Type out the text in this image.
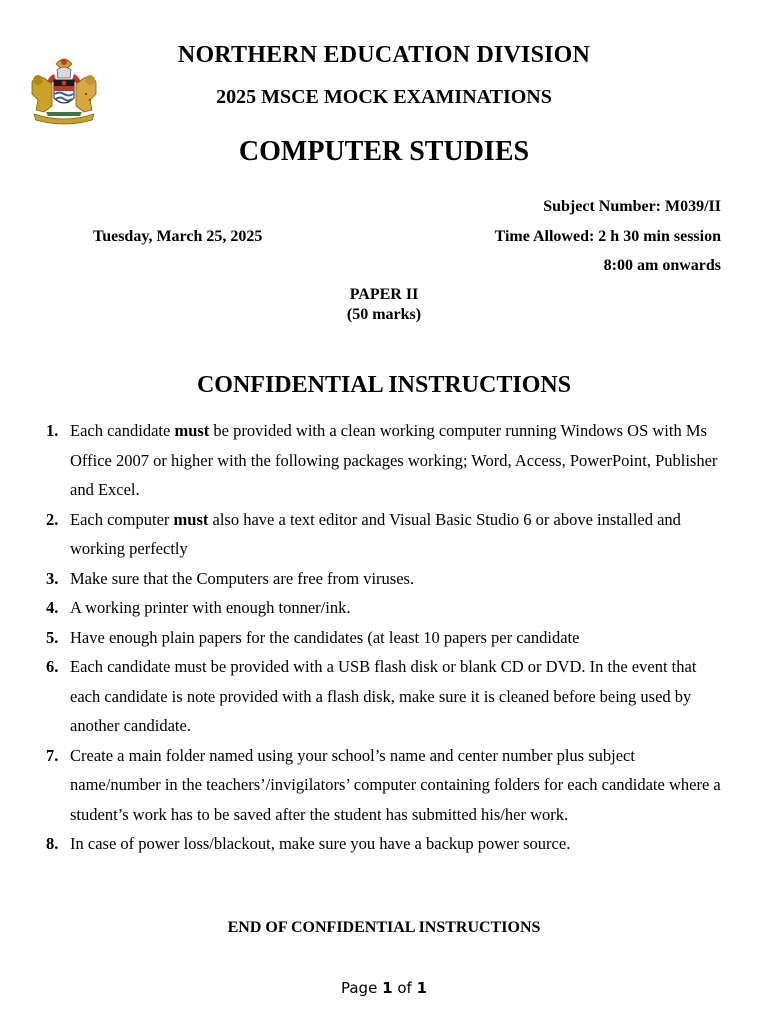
NORTHERN EDUCATION DIVISION
2025 MSCE MOCK EXAMINATIONS
COMPUTER STUDIES
Subject Number: M039/II
Tuesday, March 25, 2025	Time Allowed: 2 h 30 min session
8:00 am onwards
PAPER II
(50 marks)
CONFIDENTIAL INSTRUCTIONS
1. Each candidate must be provided with a clean working computer running Windows OS with Ms Office 2007 or higher with the following packages working; Word, Access, PowerPoint, Publisher and Excel.
2. Each computer must also have a text editor and Visual Basic Studio 6 or above installed and working perfectly
3. Make sure that the Computers are free from viruses.
4. A working printer with enough tonner/ink.
5. Have enough plain papers for the candidates (at least 10 papers per candidate
6. Each candidate must be provided with a USB flash disk or blank CD or DVD. In the event that each candidate is note provided with a flash disk, make sure it is cleaned before being used by another candidate.
7. Create a main folder named using your school’s name and center number plus subject name/number in the teachers’/invigilators’ computer containing folders for each candidate where a student’s work has to be saved after the student has submitted his/her work.
8. In case of power loss/blackout, make sure you have a backup power source.
END OF CONFIDENTIAL INSTRUCTIONS
Page 1 of 1
